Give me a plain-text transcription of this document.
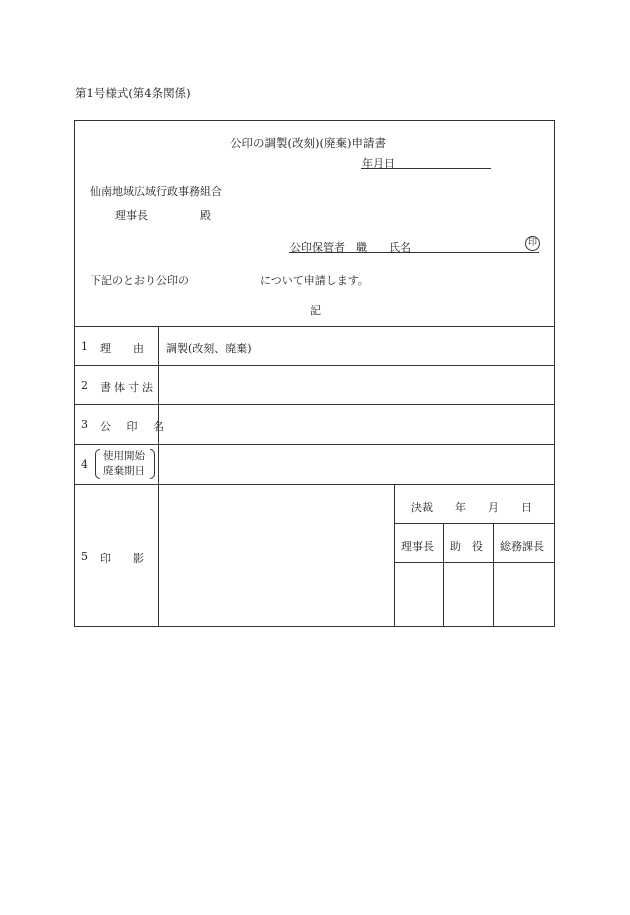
第1号様式(第4条関係)
公印の調製(改刻)(廃棄)申請書
年月日
仙南地域広域行政事務組合
理事長	殿
公印保管者　職　　氏名	印
下記のとおり公印の	について申請します。
記
1 理　　由 調製(改刻、廃棄)
2 書体寸法
3 公 印 名
4
使用開始
廃棄期日
5 印　　影
決裁　　年　　月　　日
理事長 助　役 総務課長
